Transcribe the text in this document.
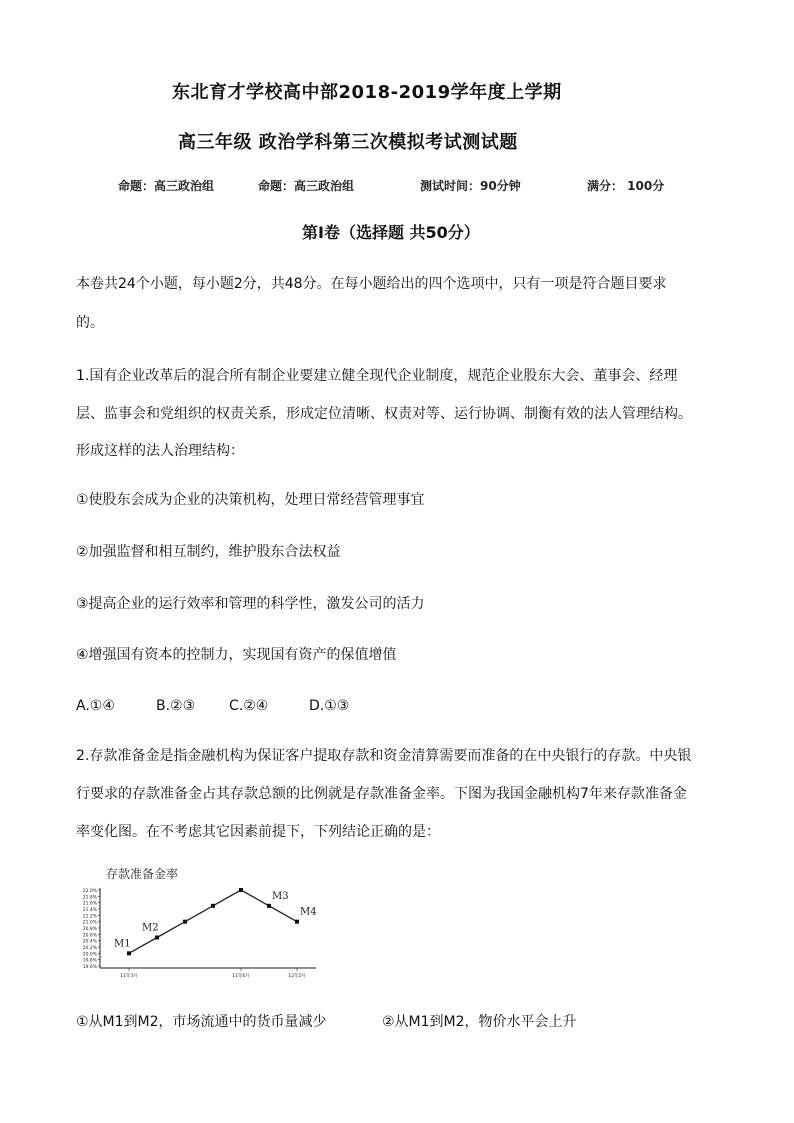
东北育才学校高中部2018-2019学年度上学期
高三年级 政治学科第三次模拟考试测试题
命题：高三政治组	命题：高三政治组	测试时间：90分钟	满分： 100分
第Ⅰ卷（选择题 共50分）
本卷共24个小题，每小题2分，共48分。在每小题给出的四个选项中，只有一项是符合题目要求
的。
1.国有企业改革后的混合所有制企业要建立健全现代企业制度，规范企业股东大会、董事会、经理
层、监事会和党组织的权责关系，形成定位清晰、权责对等、运行协调、制衡有效的法人管理结构。
形成这样的法人治理结构：
①使股东会成为企业的决策机构，处理日常经营管理事宜
②加强监督和相互制约，维护股东合法权益
③提高企业的运行效率和管理的科学性，激发公司的活力
④增强国有资本的控制力，实现国有资产的保值增值
A.①④	B.②③ C.②④	D.①③
2.存款准备金是指金融机构为保证客户提取存款和资金清算需要而准备的在中央银行的存款。中央银
行要求的存款准备金占其存款总额的比例就是存款准备金率。下图为我国金融机构7年来存款准备金
率变化图。在不考虑其它因素前提下，下列结论正确的是：
存款准备金率
22.0%
21.8%
21.6%
21.4%
21.2%
21.0%
20.8%
20.6%
20.4%
20.2%
20.0%
19.8%
19.6%
11年3月	11年6月	12年2月
M1
M2
M3
M4
①从M1到M2，市场流通中的货币量减少	②从M1到M2，物价水平会上升
